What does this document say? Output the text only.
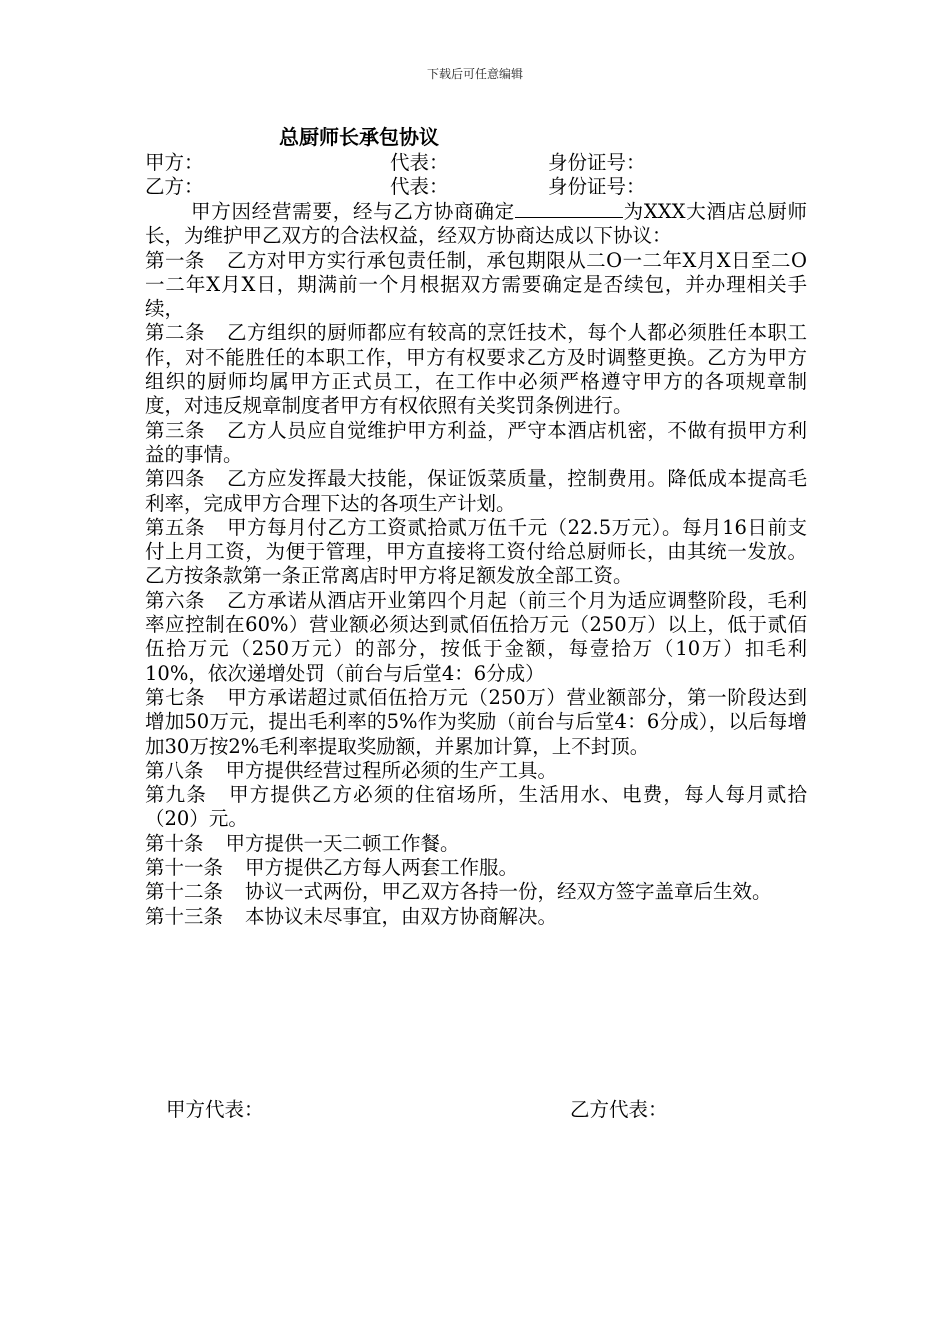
下载后可任意编辑
总厨师长承包协议
甲方：	代表：	身份证号：
乙方：	代表：	身份证号：

甲方因经营需要，经与乙方协商确定	为XXX大酒店总厨师长，为维护甲乙双方的合法权益，经双方协商达成以下协议：

第一条 乙方对甲方实行承包责任制，承包期限从二O一二年X月X日至二O一二年X月X日，期满前一个月根据双方需要确定是否续包，并办理相关手续，

第二条 乙方组织的厨师都应有较高的烹饪技术，每个人都必须胜任本职工作，对不能胜任的本职工作，甲方有权要求乙方及时调整更换。乙方为甲方组织的厨师均属甲方正式员工，在工作中必须严格遵守甲方的各项规章制度，对违反规章制度者甲方有权依照有关奖罚条例进行。

第三条 乙方人员应自觉维护甲方利益，严守本酒店机密，不做有损甲方利益的事情。

第四条 乙方应发挥最大技能，保证饭菜质量，控制费用。降低成本提高毛利率，完成甲方合理下达的各项生产计划。

第五条 甲方每月付乙方工资贰拾贰万伍千元（22.5万元）。每月16日前支付上月工资，为便于管理，甲方直接将工资付给总厨师长，由其统一发放。乙方按条款第一条正常离店时甲方将足额发放全部工资。

第六条 乙方承诺从酒店开业第四个月起（前三个月为适应调整阶段，毛利率应控制在60%）营业额必须达到贰佰伍拾万元（250万）以上，低于贰佰伍拾万元（250万元）的部分，按低于金额，每壹拾万（10万）扣毛利10%，依次递增处罚（前台与后堂4：6分成）

第七条 甲方承诺超过贰佰伍拾万元（250万）营业额部分，第一阶段达到增加50万元，提出毛利率的5%作为奖励（前台与后堂4：6分成），以后每增加30万按2%毛利率提取奖励额，并累加计算，上不封顶。

第八条 甲方提供经营过程所必须的生产工具。

第九条 甲方提供乙方必须的住宿场所，生活用水、电费，每人每月贰拾（20）元。

第十条 甲方提供一天二顿工作餐。

第十一条 甲方提供乙方每人两套工作服。

第十二条 协议一式两份，甲乙双方各持一份，经双方签字盖章后生效。

第十三条 本协议未尽事宜，由双方协商解决。

甲方代表：	乙方代表：
